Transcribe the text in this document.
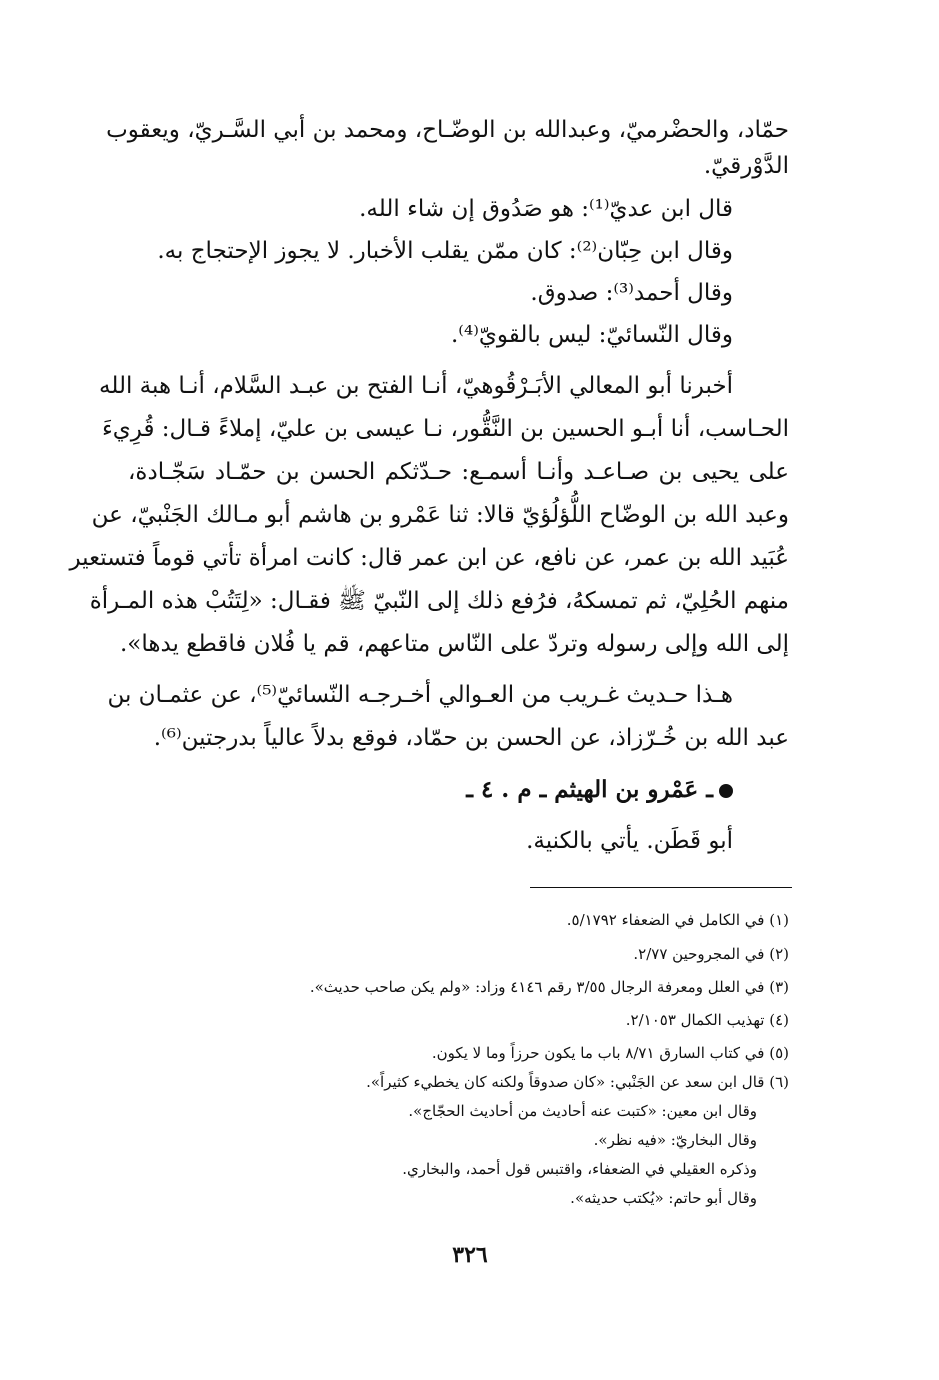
حمّاد، والحضْرميّ، وعبدالله بن الوضّـاح، ومحمد بن أبي السَّـريّ، ويعقوب
الدَّوْرقيّ.
قال ابن عديّ⁽¹⁾: هو صَدُوق إن شاء الله.
وقال ابن حِبّان⁽²⁾: كان ممّن يقلب الأخبار. لا يجوز الإحتجاج به.
وقال أحمد⁽³⁾: صدوق.
وقال النّسائيّ: ليس بالقويّ⁽⁴⁾.
أخبرنا أبو المعالي الأبَـرْقُوهيّ، أنـا الفتح بن عبـد السَّلام، أنـا هبة الله
الحـاسب، أنا أبـو الحسين بن النَّقُّور، نـا عيسى بن عليّ، إملاءً قـال: قُرِيءَ
على يحيى بن صـاعـد وأنـا أسمـع: حـدّثكم الحسن بن حمّـاد سَجّـادة،
وعبد الله بن الوضّاح اللُّؤلُؤيّ قالا: ثنا عَمْرو بن هاشم أبو مـالك الجَنْبيّ، عن
عُبَيد الله بن عمر، عن نافع، عن ابن عمر قال: كانت امرأة تأتي قوماً فتستعير
منهم الحُلِيّ، ثم تمسكهُ، فرُفع ذلك إلى النّبيّ ﷺ فقـال: «لِتَتُبْ هذه المـرأة
إلى الله وإلى رسوله وتردّ على النّاس متاعهم، قم يا فُلان فاقطع يدها».
هـذا حـديث غـريب من العـوالي أخـرجـه النّسائيّ⁽⁵⁾، عن عثمـان بن
عبد الله بن خُـرّزاذ، عن الحسن بن حمّاد، فوقع بدلاً عالياً بدرجتين⁽⁶⁾.
ـ عَمْرو بن الهيثم ـ م . ٤ ـ
أبو قَطَن. يأتي بالكنية.
(١) في الكامل في الضعفاء ٥/١٧٩٢.
(٢) في المجروحين ٢/٧٧.
(٣) في العلل ومعرفة الرجال ٣/٥٥ رقم ٤١٤٦ وزاد: «ولم يكن صاحب حديث».
(٤) تهذيب الكمال ٢/١٠٥٣.
(٥) في كتاب السارق ٨/٧١ باب ما يكون حرزاً وما لا يكون.
(٦) قال ابن سعد عن الجَنْبي: «كان صدوقاً ولكنه كان يخطيء كثيراً».
وقال ابن معين: «كتبت عنه أحاديث من أحاديث الحجّاج».
وقال البخاريّ: «فيه نظر».
وذكره العقيلي في الضعفاء، واقتبس قول أحمد، والبخاري.
وقال أبو حاتم: «يُكتب حديثه».
٣٢٦
